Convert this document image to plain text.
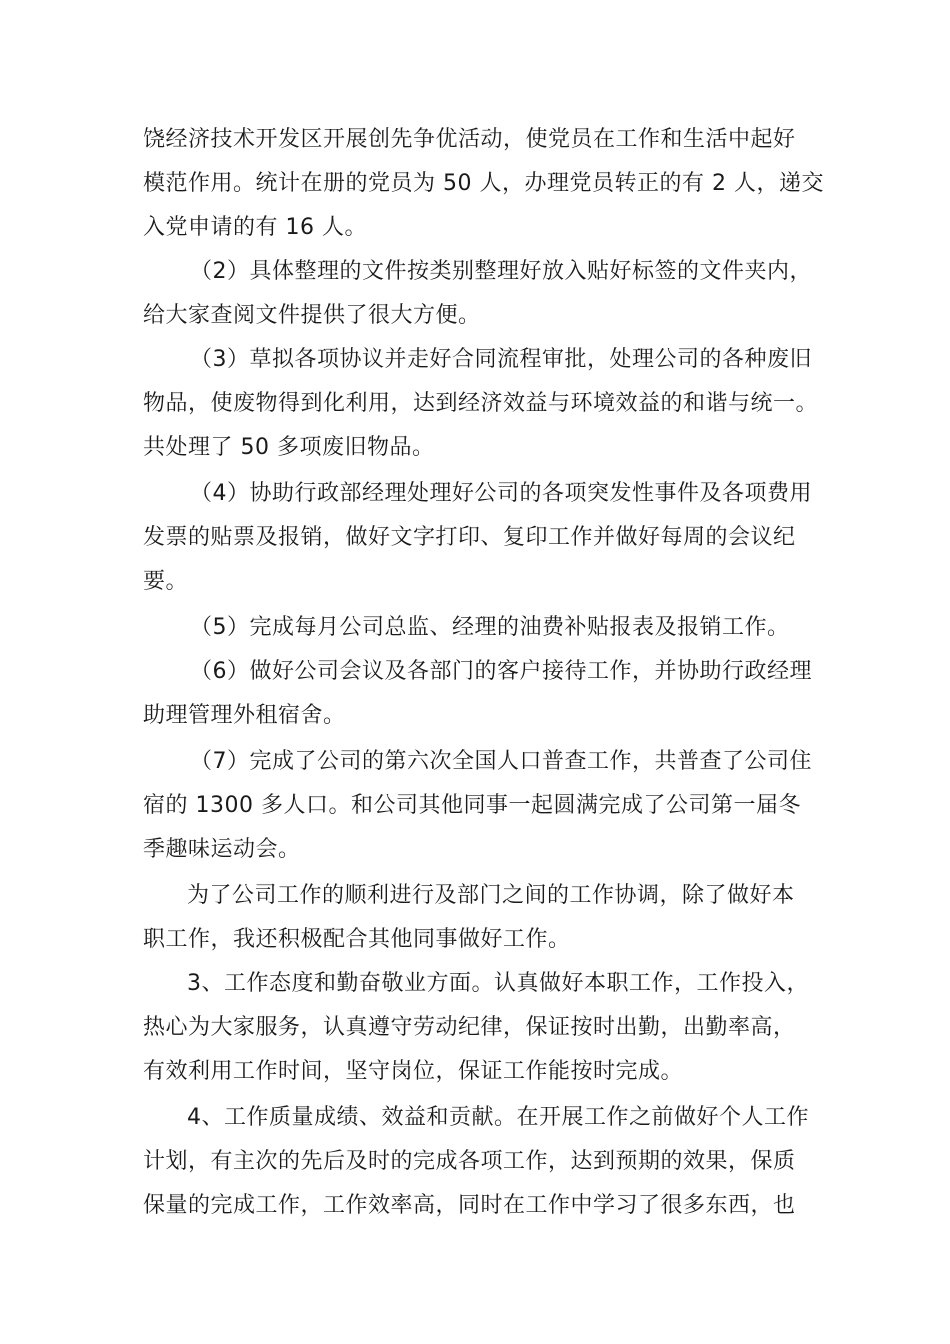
饶经济技术开发区开展创先争优活动，使党员在工作和生活中起好
模范作用。统计在册的党员为 50 人，办理党员转正的有 2 人，递交
入党申请的有 16 人。
（2）具体整理的文件按类别整理好放入贴好标签的文件夹内，
给大家查阅文件提供了很大方便。
（3）草拟各项协议并走好合同流程审批，处理公司的各种废旧
物品，使废物得到化利用，达到经济效益与环境效益的和谐与统一。
共处理了 50 多项废旧物品。
（4）协助行政部经理处理好公司的各项突发性事件及各项费用
发票的贴票及报销，做好文字打印、复印工作并做好每周的会议纪
要。
（5）完成每月公司总监、经理的油费补贴报表及报销工作。
（6）做好公司会议及各部门的客户接待工作，并协助行政经理
助理管理外租宿舍。
（7）完成了公司的第六次全国人口普查工作，共普查了公司住
宿的 1300 多人口。和公司其他同事一起圆满完成了公司第一届冬
季趣味运动会。
为了公司工作的顺利进行及部门之间的工作协调，除了做好本
职工作，我还积极配合其他同事做好工作。
3、工作态度和勤奋敬业方面。认真做好本职工作，工作投入，
热心为大家服务，认真遵守劳动纪律，保证按时出勤，出勤率高，
有效利用工作时间，坚守岗位，保证工作能按时完成。
4、工作质量成绩、效益和贡献。在开展工作之前做好个人工作
计划，有主次的先后及时的完成各项工作，达到预期的效果，保质
保量的完成工作，工作效率高，同时在工作中学习了很多东西，也
